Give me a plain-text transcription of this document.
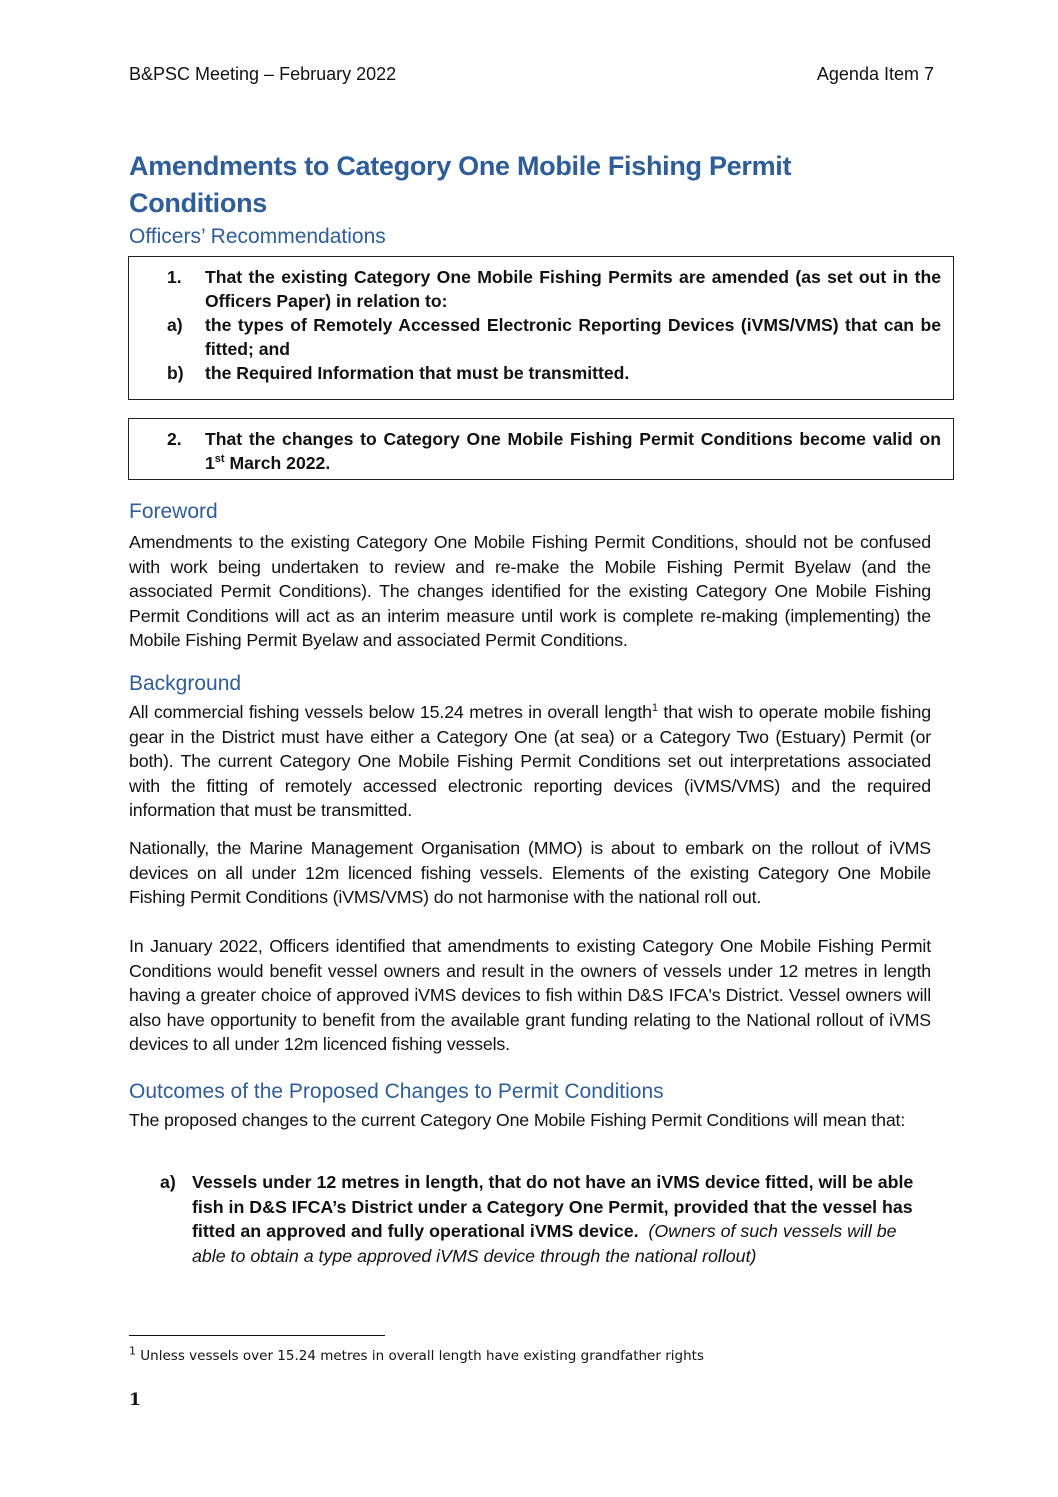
B&PSC Meeting – February 2022	Agenda Item 7
Amendments to Category One Mobile Fishing Permit Conditions
Officers’ Recommendations
1.	That the existing Category One Mobile Fishing Permits are amended (as set out in the Officers Paper) in relation to:
a)	the types of Remotely Accessed Electronic Reporting Devices (iVMS/VMS) that can be fitted; and
b)	the Required Information that must be transmitted.
2.	That the changes to Category One Mobile Fishing Permit Conditions become valid on 1st March 2022.
Foreword

Amendments to the existing Category One Mobile Fishing Permit Conditions, should not be confused with work being undertaken to review and re-make the Mobile Fishing Permit Byelaw (and the associated Permit Conditions). The changes identified for the existing Category One Mobile Fishing Permit Conditions will act as an interim measure until work is complete re-making (implementing) the Mobile Fishing Permit Byelaw and associated Permit Conditions.

Background

All commercial fishing vessels below 15.24 metres in overall length$^1$ that wish to operate mobile fishing gear in the District must have either a Category One (at sea) or a Category Two (Estuary) Permit (or both). The current Category One Mobile Fishing Permit Conditions set out interpretations associated with the fitting of remotely accessed electronic reporting devices (iVMS/VMS) and the required information that must be transmitted.

Nationally, the Marine Management Organisation (MMO) is about to embark on the rollout of iVMS devices on all under 12m licenced fishing vessels. Elements of the existing Category One Mobile Fishing Permit Conditions (iVMS/VMS) do not harmonise with the national roll out.

In January 2022, Officers identified that amendments to existing Category One Mobile Fishing Permit Conditions would benefit vessel owners and result in the owners of vessels under 12 metres in length having a greater choice of approved iVMS devices to fish within D&S IFCA's District. Vessel owners will also have opportunity to benefit from the available grant funding relating to the National rollout of iVMS devices to all under 12m licenced fishing vessels.

Outcomes of the Proposed Changes to Permit Conditions

The proposed changes to the current Category One Mobile Fishing Permit Conditions will mean that:

a) Vessels under 12 metres in length, that do not have an iVMS device fitted, will be able fish in D&S IFCA’s District under a Category One Permit, provided that the vessel has fitted an approved and fully operational iVMS device. (Owners of such vessels will be able to obtain a type approved iVMS device through the national rollout)
$^1$ Unless vessels over 15.24 metres in overall length have existing grandfather rights
1
